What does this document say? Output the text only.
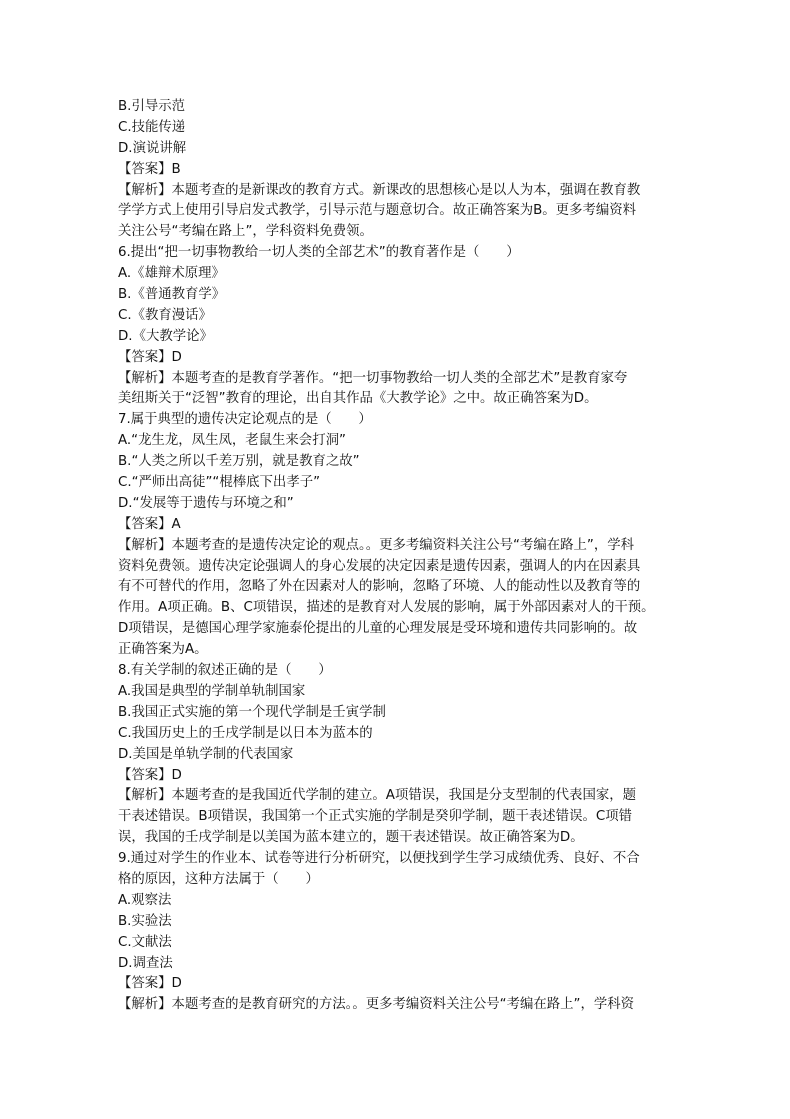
B.引导示范
C.技能传递
D.演说讲解
【答案】B
【解析】本题考查的是新课改的教育方式。新课改的思想核心是以人为本，强调在教育教
学学方式上使用引导启发式教学，引导示范与题意切合。故正确答案为B。更多考编资料
关注公号“考编在路上”，学科资料免费领。
6.提出“把一切事物教给一切人类的全部艺术”的教育著作是（　　）
A.《雄辩术原理》
B.《普通教育学》
C.《教育漫话》
D.《大教学论》
【答案】D
【解析】本题考查的是教育学著作。“把一切事物教给一切人类的全部艺术”是教育家夸
美纽斯关于“泛智”教育的理论，出自其作品《大教学论》之中。故正确答案为D。
7.属于典型的遗传决定论观点的是（　　）
A.“龙生龙，凤生凤，老鼠生来会打洞”
B.“人类之所以千差万别，就是教育之故”
C.“严师出高徒”“棍棒底下出孝子”
D.“发展等于遗传与环境之和”
【答案】A
【解析】本题考查的是遗传决定论的观点。。更多考编资料关注公号“考编在路上”，学科
资料免费领。遗传决定论强调人的身心发展的决定因素是遗传因素，强调人的内在因素具
有不可替代的作用，忽略了外在因素对人的影响，忽略了环境、人的能动性以及教育等的
作用。A项正确。B、C项错误，描述的是教育对人发展的影响，属于外部因素对人的干预。
D项错误，是德国心理学家施泰伦提出的儿童的心理发展是受环境和遗传共同影响的。故
正确答案为A。
8.有关学制的叙述正确的是（　　）
A.我国是典型的学制单轨制国家
B.我国正式实施的第一个现代学制是壬寅学制
C.我国历史上的壬戌学制是以日本为蓝本的
D.美国是单轨学制的代表国家
【答案】D
【解析】本题考查的是我国近代学制的建立。A项错误，我国是分支型制的代表国家，题
干表述错误。B项错误，我国第一个正式实施的学制是癸卯学制，题干表述错误。C项错
误，我国的壬戌学制是以美国为蓝本建立的，题干表述错误。故正确答案为D。
9.通过对学生的作业本、试卷等进行分析研究，以便找到学生学习成绩优秀、良好、不合
格的原因，这种方法属于（　　）
A.观察法
B.实验法
C.文献法
D.调查法
【答案】D
【解析】本题考查的是教育研究的方法。。更多考编资料关注公号“考编在路上”，学科资
